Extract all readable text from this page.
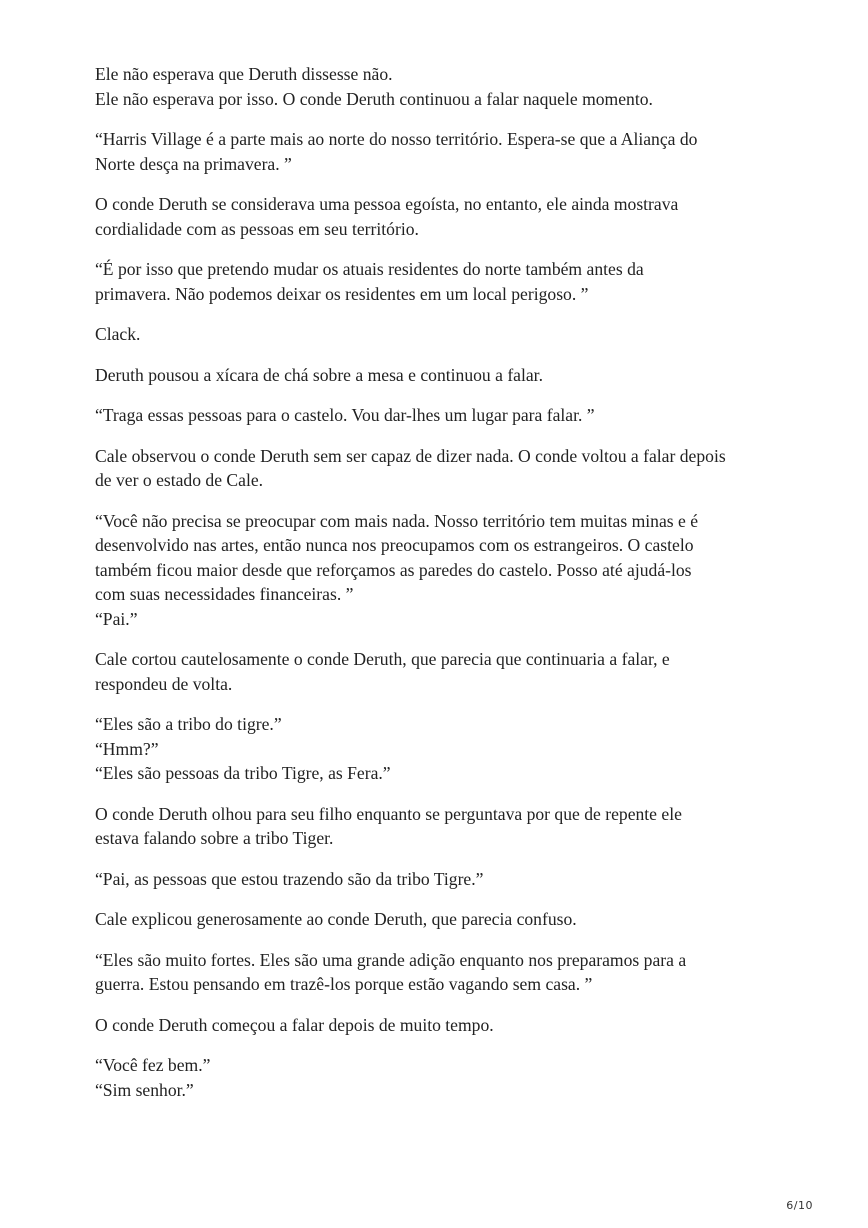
Ele não esperava que Deruth dissesse não.
Ele não esperava por isso. O conde Deruth continuou a falar naquele momento.

“Harris Village é a parte mais ao norte do nosso território. Espera-se que a Aliança do
Norte desça na primavera. ”

O conde Deruth se considerava uma pessoa egoísta, no entanto, ele ainda mostrava
cordialidade com as pessoas em seu território.

“É por isso que pretendo mudar os atuais residentes do norte também antes da
primavera. Não podemos deixar os residentes em um local perigoso. ”

Clack.

Deruth pousou a xícara de chá sobre a mesa e continuou a falar.

“Traga essas pessoas para o castelo. Vou dar-lhes um lugar para falar. ”

Cale observou o conde Deruth sem ser capaz de dizer nada. O conde voltou a falar depois
de ver o estado de Cale.

“Você não precisa se preocupar com mais nada. Nosso território tem muitas minas e é
desenvolvido nas artes, então nunca nos preocupamos com os estrangeiros. O castelo
também ficou maior desde que reforçamos as paredes do castelo. Posso até ajudá-los
com suas necessidades financeiras. ”
“Pai.”

Cale cortou cautelosamente o conde Deruth, que parecia que continuaria a falar, e
respondeu de volta.

“Eles são a tribo do tigre.”
“Hmm?”
“Eles são pessoas da tribo Tigre, as Fera.”

O conde Deruth olhou para seu filho enquanto se perguntava por que de repente ele
estava falando sobre a tribo Tiger.

“Pai, as pessoas que estou trazendo são da tribo Tigre.”

Cale explicou generosamente ao conde Deruth, que parecia confuso.

“Eles são muito fortes. Eles são uma grande adição enquanto nos preparamos para a
guerra. Estou pensando em trazê-los porque estão vagando sem casa. ”

O conde Deruth começou a falar depois de muito tempo.

“Você fez bem.”
“Sim senhor.”

6/10
